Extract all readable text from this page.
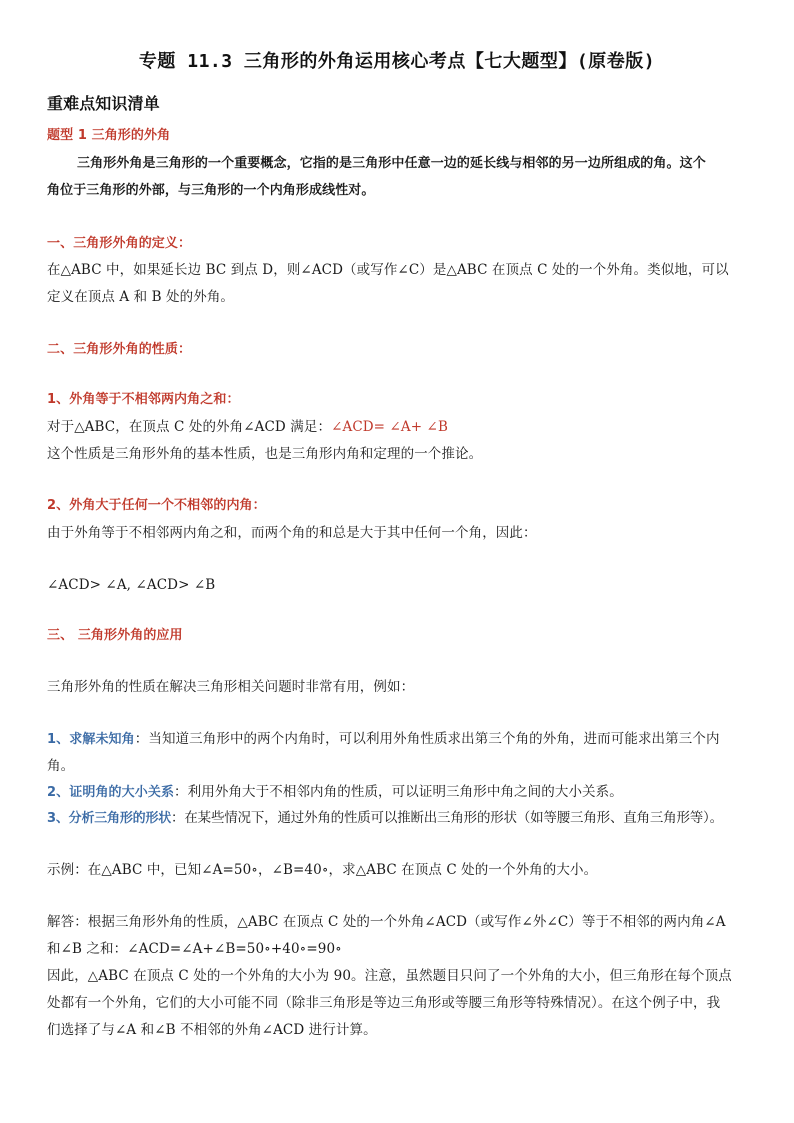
专题 11.3 三角形的外角运用核心考点【七大题型】(原卷版)
重难点知识清单
题型 1 三角形的外角
三角形外角是三角形的一个重要概念，它指的是三角形中任意一边的延长线与相邻的另一边所组成的角。这个
角位于三角形的外部，与三角形的一个内角形成线性对。
一、三角形外角的定义：
在△ABC 中，如果延长边 BC 到点 D，则∠ACD（或写作∠C）是△ABC 在顶点 C 处的一个外角。类似地，可以
定义在顶点 A 和 B 处的外角。
二、三角形外角的性质：
1、外角等于不相邻两内角之和：
对于△ABC，在顶点 C 处的外角∠ACD 满足：∠ACD= ∠A+ ∠B
这个性质是三角形外角的基本性质，也是三角形内角和定理的一个推论。
2、外角大于任何一个不相邻的内角：
由于外角等于不相邻两内角之和，而两个角的和总是大于其中任何一个角，因此：
∠ACD> ∠A, ∠ACD> ∠B
三、 三角形外角的应用
三角形外角的性质在解决三角形相关问题时非常有用，例如：
1、求解未知角：当知道三角形中的两个内角时，可以利用外角性质求出第三个角的外角，进而可能求出第三个内
角。
2、证明角的大小关系：利用外角大于不相邻内角的性质，可以证明三角形中角之间的大小关系。
3、分析三角形的形状：在某些情况下，通过外角的性质可以推断出三角形的形状（如等腰三角形、直角三角形等）。
示例：在△ABC 中，已知∠A=50∘，∠B=40∘，求△ABC 在顶点 C 处的一个外角的大小。
解答：根据三角形外角的性质，△ABC 在顶点 C 处的一个外角∠ACD（或写作∠外∠C）等于不相邻的两内角∠A
和∠B 之和：∠ACD=∠A+∠B=50∘+40∘=90∘
因此，△ABC 在顶点 C 处的一个外角的大小为 90。注意，虽然题目只问了一个外角的大小，但三角形在每个顶点
处都有一个外角，它们的大小可能不同（除非三角形是等边三角形或等腰三角形等特殊情况）。在这个例子中，我
们选择了与∠A 和∠B 不相邻的外角∠ACD 进行计算。
